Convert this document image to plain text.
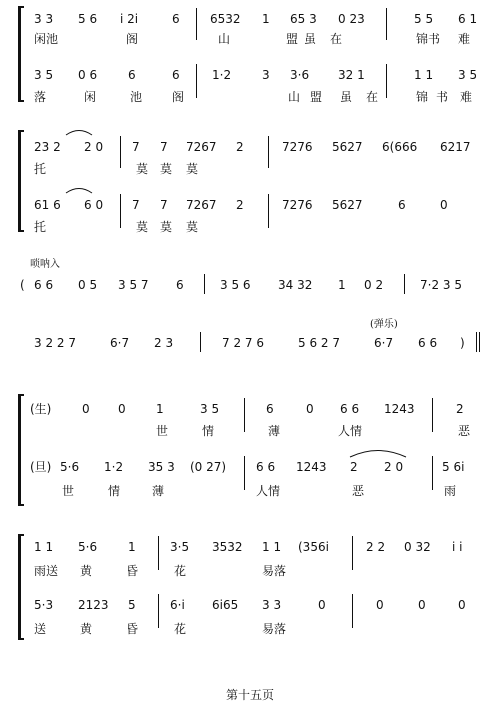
3 3 5 6 i 2i	6	6532 1 65 3 0 23	5 5 6 1
闲池	阁	山	盟 虽 在	锦书 难
3 5 0 6	6	6	1·2	3 3·6 32 1	1 1 3 5
落	闲	池 阁	山 盟 虽 在	锦 书 难
23 2 2 0 7 7 7267 2	7276 5627 6(666 6217
托	莫 莫 莫
61 6 6 0 7 7 7267 2	7276 5627	6	0
托	莫 莫 莫
唢呐入
( 6 6 0 5 3 5 7 6	3 5 6 34 32 1 0 2	7·2 3 5
(弹乐)
3 2 2 7	6·7 2 3	7 2 7 6	5 6 2 7	6·7 6 6 )
(生)	0 0	1	3 5	6	0 6 6 1243	2
世	情	薄	人情	恶
(旦) 5·6 1·2 35 3 (0 27) 6 6 1243 2 2 0	5 6i
世	情	薄	人情	恶	雨
1 1 5·6	1	3·5 3532 1 1 (356i	2 2 0 32 i i
雨送 黄	昏	花	易落
5·3 2123 5	6·i 6i65 3 3	0	0	0	0
送	黄	昏	花	易落
第十五页
